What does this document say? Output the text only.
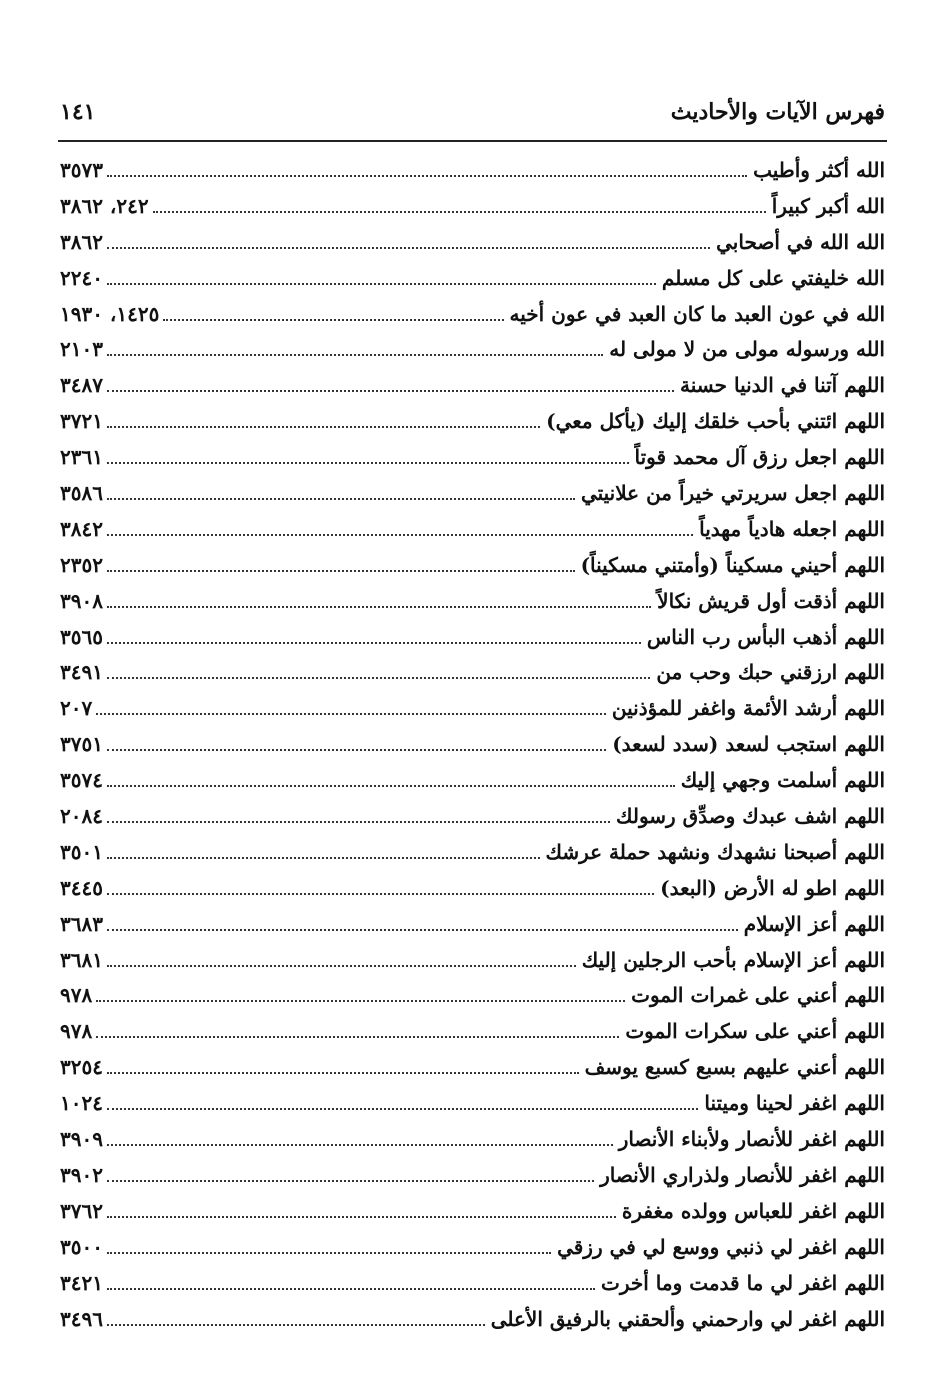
فهرس الآيات والأحاديث
١٤١
الله أكثر وأطيب
٣٥٧٣
الله أكبر كبيراً
٢٤٢، ٣٨٦٢
الله الله في أصحابي
٣٨٦٢
الله خليفتي على كل مسلم
٢٢٤٠
الله في عون العبد ما كان العبد في عون أخيه
١٤٢٥، ١٩٣٠
الله ورسوله مولى من لا مولى له
٢١٠٣
اللهم آتنا في الدنيا حسنة
٣٤٨٧
اللهم ائتني بأحب خلقك إليك (يأكل معي)
٣٧٢١
اللهم اجعل رزق آل محمد قوتاً
٢٣٦١
اللهم اجعل سريرتي خيراً من علانيتي
٣٥٨٦
اللهم اجعله هادياً مهدياً
٣٨٤٢
اللهم أحيني مسكيناً (وأمتني مسكيناً)
٢٣٥٢
اللهم أذقت أول قريش نكالاً
٣٩٠٨
اللهم أذهب البأس رب الناس
٣٥٦٥
اللهم ارزقني حبك وحب من
٣٤٩١
اللهم أرشد الأئمة واغفر للمؤذنين
٢٠٧
اللهم استجب لسعد (سدد لسعد)
٣٧٥١
اللهم أسلمت وجهي إليك
٣٥٧٤
اللهم اشف عبدك وصدِّق رسولك
٢٠٨٤
اللهم أصبحنا نشهدك ونشهد حملة عرشك
٣٥٠١
اللهم اطو له الأرض (البعد)
٣٤٤٥
اللهم أعز الإسلام
٣٦٨٣
اللهم أعز الإسلام بأحب الرجلين إليك
٣٦٨١
اللهم أعني على غمرات الموت
٩٧٨
اللهم أعني على سكرات الموت
٩٧٨
اللهم أعني عليهم بسبع كسبع يوسف
٣٢٥٤
اللهم اغفر لحينا وميتنا
١٠٢٤
اللهم اغفر للأنصار ولأبناء الأنصار
٣٩٠٩
اللهم اغفر للأنصار ولذراري الأنصار
٣٩٠٢
اللهم اغفر للعباس وولده مغفرة
٣٧٦٢
اللهم اغفر لي ذنبي ووسع لي في رزقي
٣٥٠٠
اللهم اغفر لي ما قدمت وما أخرت
٣٤٢١
اللهم اغفر لي وارحمني وألحقني بالرفيق الأعلى
٣٤٩٦
